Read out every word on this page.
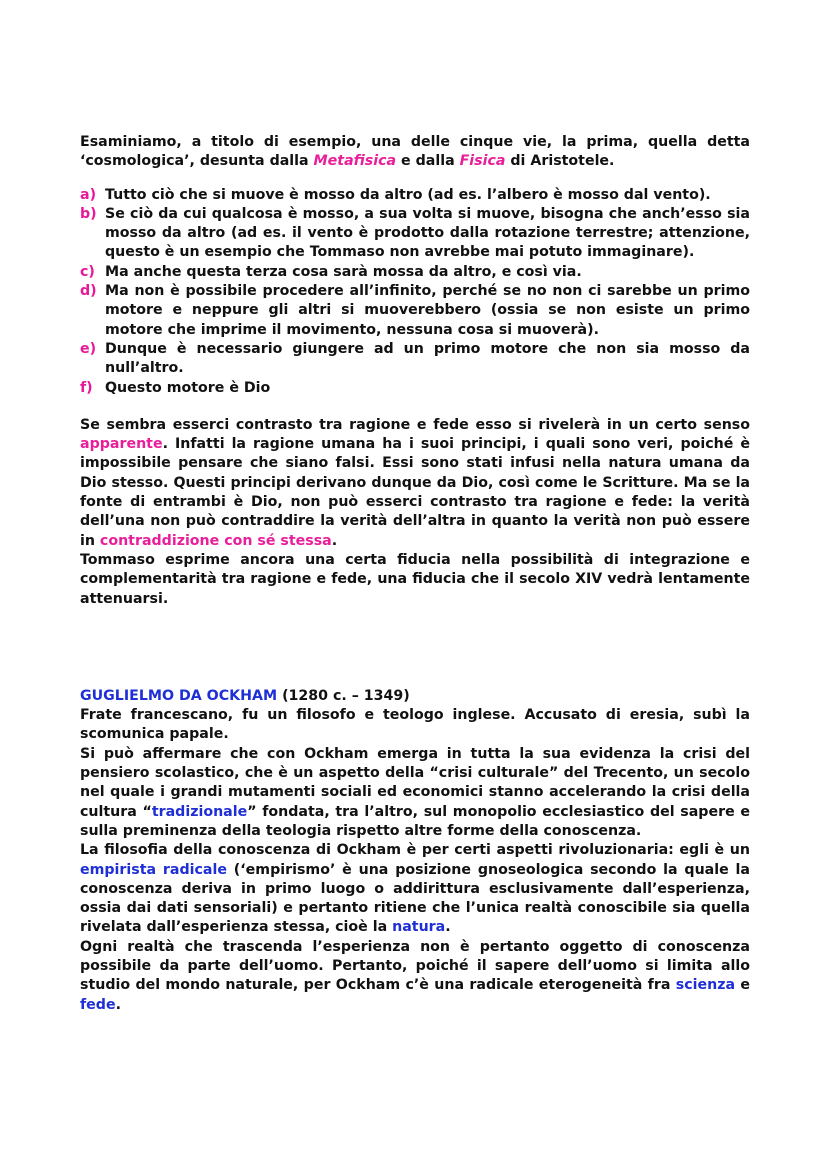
Esaminiamo, a titolo di esempio, una delle cinque vie, la prima, quella detta ‘cosmologica’, desunta dalla Metafisica e dalla Fisica di Aristotele.

a) Tutto ciò che si muove è mosso da altro (ad es. l’albero è mosso dal vento).
b) Se ciò da cui qualcosa è mosso, a sua volta si muove, bisogna che anch’esso sia mosso da altro (ad es. il vento è prodotto dalla rotazione terrestre; attenzione, questo è un esempio che Tommaso non avrebbe mai potuto immaginare).
c) Ma anche questa terza cosa sarà mossa da altro, e così via.
d) Ma non è possibile procedere all’infinito, perché se no non ci sarebbe un primo motore e neppure gli altri si muoverebbero (ossia se non esiste un primo motore che imprime il movimento, nessuna cosa si muoverà).
e) Dunque è necessario giungere ad un primo motore che non sia mosso da null’altro.
f) Questo motore è Dio

Se sembra esserci contrasto tra ragione e fede esso si rivelerà in un certo senso apparente. Infatti la ragione umana ha i suoi principi, i quali sono veri, poiché è impossibile pensare che siano falsi. Essi sono stati infusi nella natura umana da Dio stesso. Questi principi derivano dunque da Dio, così come le Scritture. Ma se la fonte di entrambi è Dio, non può esserci contrasto tra ragione e fede: la verità dell’una non può contraddire la verità dell’altra in quanto la verità non può essere in contraddizione con sé stessa.

Tommaso esprime ancora una certa fiducia nella possibilità di integrazione e complementarità tra ragione e fede, una fiducia che il secolo XIV vedrà lentamente attenuarsi.

GUGLIELMO DA OCKHAM (1280 c. – 1349)

Frate francescano, fu un filosofo e teologo inglese. Accusato di eresia, subì la scomunica papale.

Si può affermare che con Ockham emerga in tutta la sua evidenza la crisi del pensiero scolastico, che è un aspetto della “crisi culturale” del Trecento, un secolo nel quale i grandi mutamenti sociali ed economici stanno accelerando la crisi della cultura “tradizionale” fondata, tra l’altro, sul monopolio ecclesiastico del sapere e sulla preminenza della teologia rispetto altre forme della conoscenza.

La filosofia della conoscenza di Ockham è per certi aspetti rivoluzionaria: egli è un empirista radicale (‘empirismo’ è una posizione gnoseologica secondo la quale la conoscenza deriva in primo luogo o addirittura esclusivamente dall’esperienza, ossia dai dati sensoriali) e pertanto ritiene che l’unica realtà conoscibile sia quella rivelata dall’esperienza stessa, cioè la natura.

Ogni realtà che trascenda l’esperienza non è pertanto oggetto di conoscenza possibile da parte dell’uomo. Pertanto, poiché il sapere dell’uomo si limita allo studio del mondo naturale, per Ockham c’è una radicale eterogeneità fra scienza e fede.
